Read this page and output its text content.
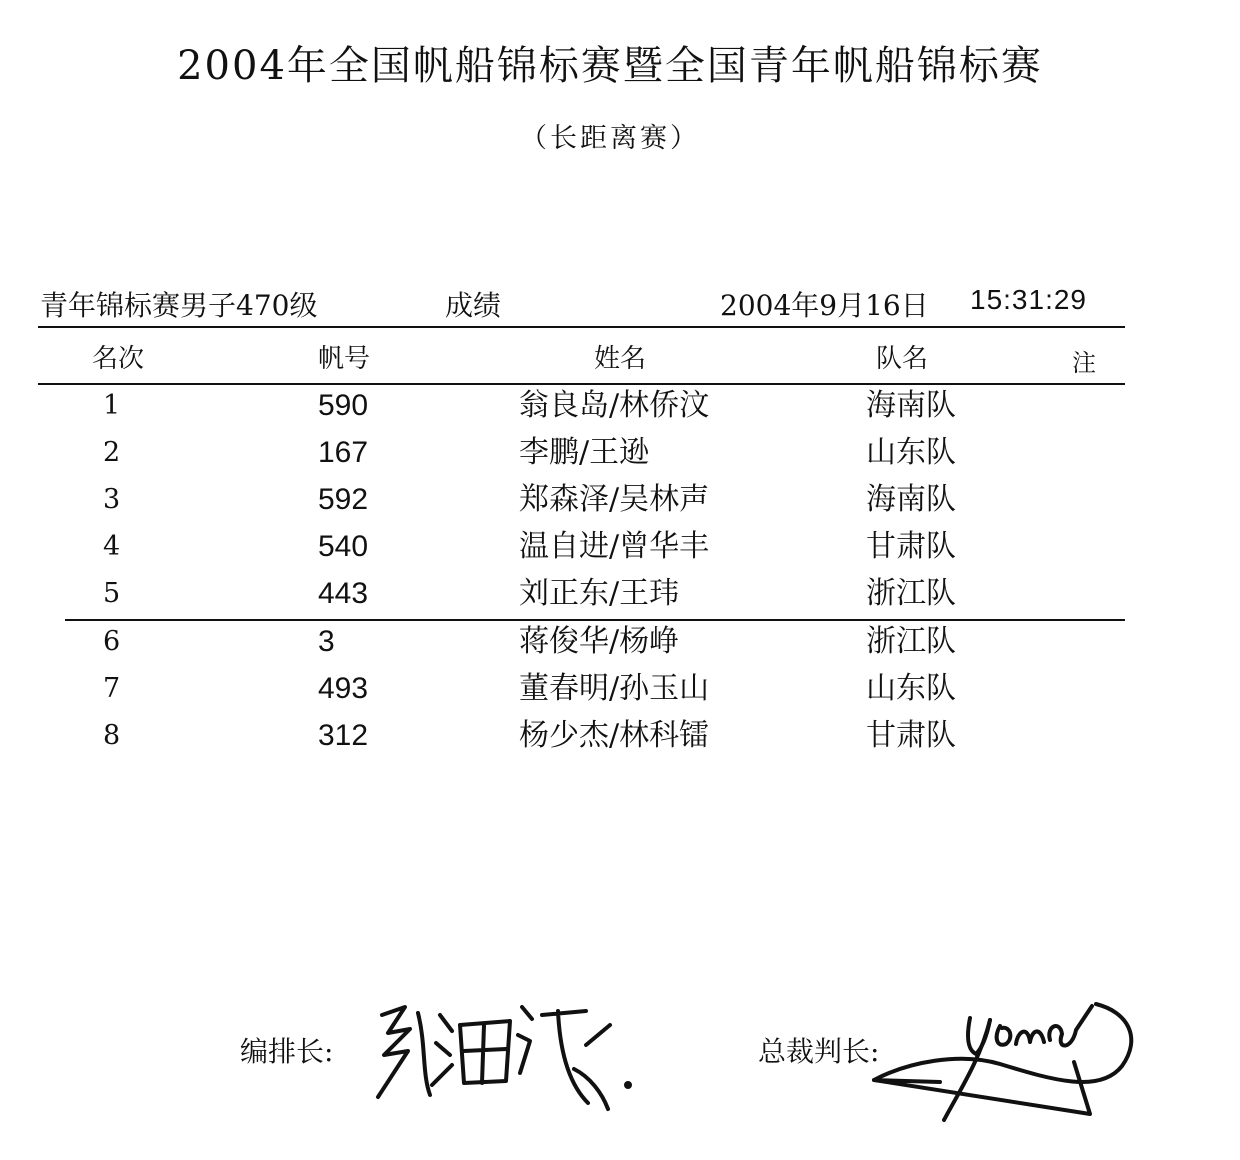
2004年全国帆船锦标赛暨全国青年帆船锦标赛
（长距离赛）
青年锦标赛男子470级	成绩	2004年9月16日 15:31:29
名次	帆号	姓名	队名	注
1	590	翁良岛/林侨汶	海南队
2	167	李鹏/王逊	山东队
3	592	郑森泽/吴林声	海南队
4	540	温自进/曾华丰	甘肃队
5	443	刘正东/王玮	浙江队
6	3	蒋俊华/杨峥	浙江队
7	493	董春明/孙玉山	山东队
8	312	杨少杰/林科镭	甘肃队
编排长:	总裁判长:
